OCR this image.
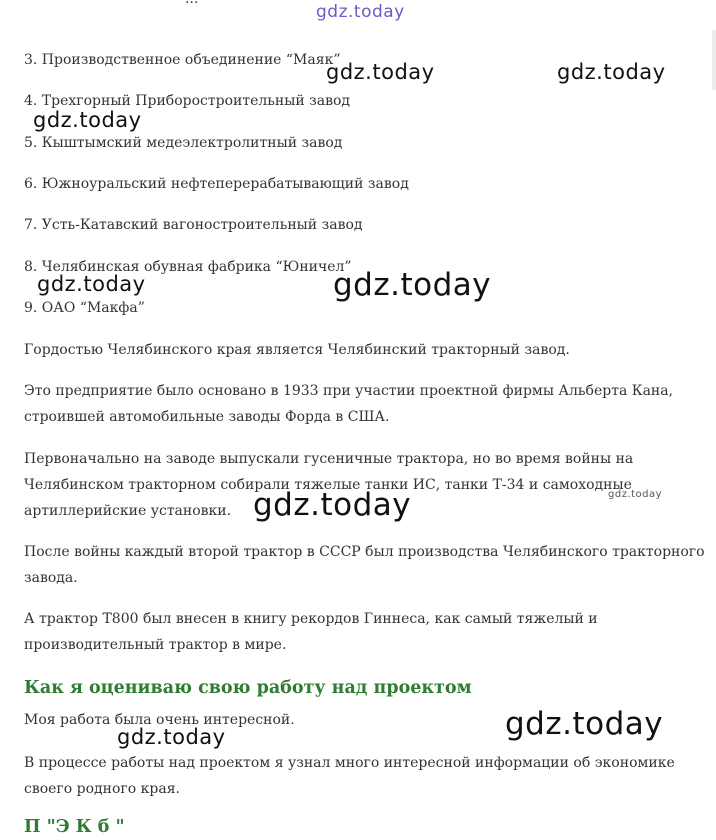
3. Производственное объединение “Маяк”
4. Трехгорный Приборостроительный завод
5. Кыштымский медеэлектролитный завод
6. Южноуральский нефтеперерабатывающий завод
7. Усть-Катавский вагоностроительный завод
8. Челябинская обувная фабрика “Юничел”
9. ОАО “Макфа”
Гордостью Челябинского края является Челябинский тракторный завод.
Это предприятие было основано в 1933 при участии проектной фирмы Альберта Кана,
строившей автомобильные заводы Форда в США.
Первоначально на заводе выпускали гусеничные трактора, но во время войны на
Челябинском тракторном собирали тяжелые танки ИС, танки Т-34 и самоходные
артиллерийские установки.
После войны каждый второй трактор в СССР был производства Челябинского тракторного
завода.
А трактор Т800 был внесен в книгу рекордов Гиннеса, как самый тяжелый и
производительный трактор в мире.
Как я оцениваю свою работу над проектом
Моя работа была очень интересной.
В процессе работы над проектом я узнал много интересной информации об экономике
своего родного края.
П "Э К б "
gdz.today
gdz.today	gdz.today
gdz.today
gdz.today	gdz.today
gdz.today
gdz.today
gdz.today
gdz.today
